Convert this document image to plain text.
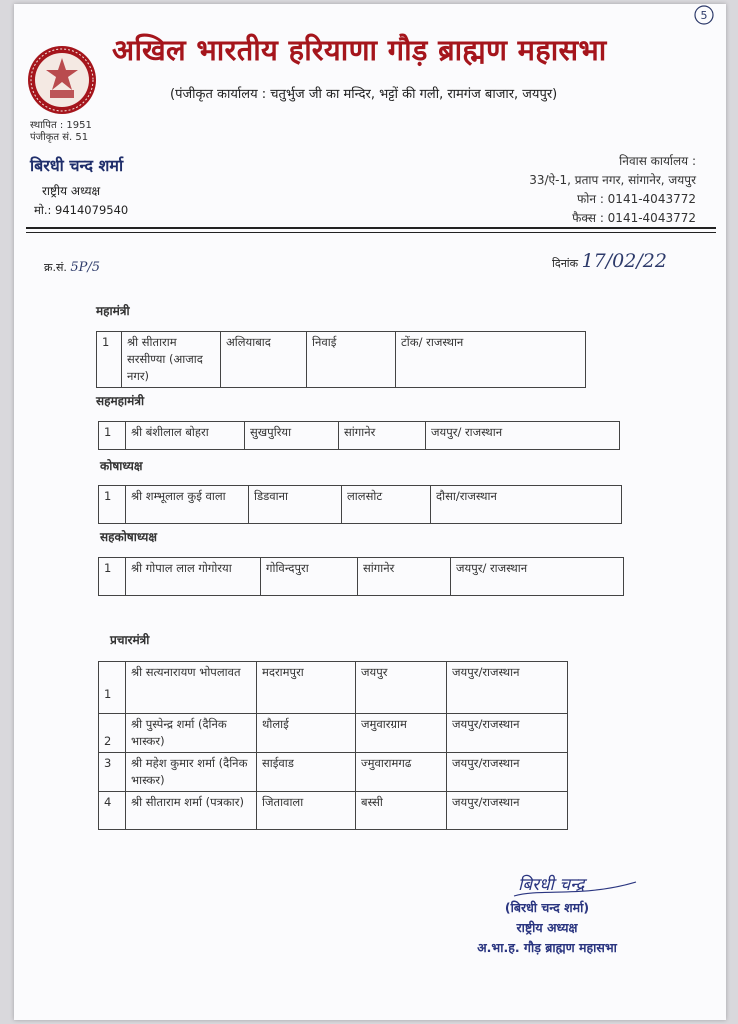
5
अखिल भारतीय हरियाणा गौड़ ब्राह्मण महासभा
(पंजीकृत कार्यालय : चतुर्भुज जी का मन्दिर, भट्टों की गली, रामगंज बाजार, जयपुर)
स्थापित : 1951
पंजीकृत सं. 51
बिरधी चन्द शर्मा
राष्ट्रीय अध्यक्ष
मो.: 9414079540
निवास कार्यालय :
33/ऐ-1, प्रताप नगर, सांगानेर, जयपुर
फोन : 0141-4043772
फैक्स : 0141-4043772
क्र.सं. 5P/5	दिनांक 17/02/22
महामंत्री
1	श्री सीताराम सरसीण्या (आजाद नगर)	अलियाबाद	निवाई	टोंक/ राजस्थान
सहमहामंत्री
1	श्री बंशीलाल बोहरा	सुखपुरिया	सांगानेर	जयपुर/ राजस्थान
कोषाध्यक्ष
1	श्री शम्भूलाल कुई वाला	डिडवाना	लालसोट	दौसा/राजस्थान
सहकोषाध्यक्ष
1	श्री गोपाल लाल गोगोरया	गोविन्दपुरा	सांगानेर	जयपुर/ राजस्थान
प्रचारमंत्री
1	श्री सत्यनारायण भोपलावत	मदरामपुरा	जयपुर	जयपुर/राजस्थान
2	श्री पुस्पेन्द्र शर्मा (दैनिक भास्कर)	थौलाई	जमुवारग्राम	जयपुर/राजस्थान
3	श्री महेश कुमार शर्मा (दैनिक भास्कर)	साईवाड	ज्मुवारामगढ	जयपुर/राजस्थान
4	श्री सीताराम शर्मा (पत्रकार)	जितावाला	बस्सी	जयपुर/राजस्थान
बिरधी चन्द्र
(बिरधी चन्द शर्मा)
राष्ट्रीय अध्यक्ष
अ.भा.ह. गौड़ ब्राह्मण महासभा
